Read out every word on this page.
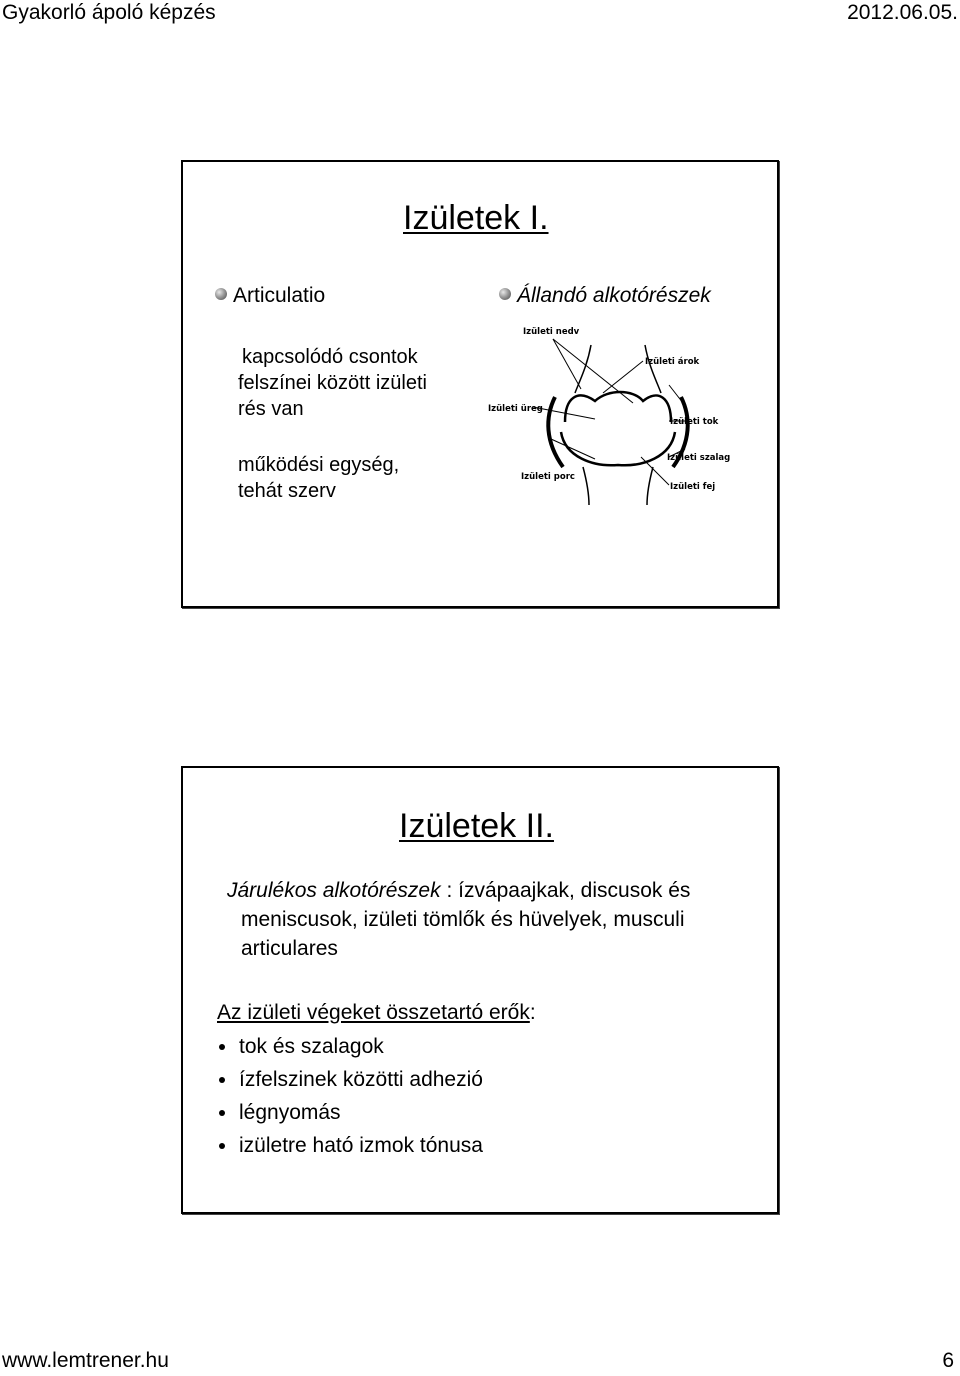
Gyakorló ápoló képzés	2012.06.05.
Izületek I.
Articulatio	Állandó alkotórészek
kapcsolódó csontok
felszínei között izületi
rés van
működési egység,
tehát szerv
Izületi nedv
Izületi árok
Izületi üreg
Izületi tok
Izületi szalag
Izületi porc
Izületi fej
Izületek II.
Járulékos alkotórészek : ízvápaajkak, discusok és
meniscusok, izületi tömlők és hüvelyek, musculi
articulares
Az izületi végeket összetartó erők:
tok és szalagok
ízfelszinek közötti adhezió
légnyomás
izületre ható izmok tónusa
www.lemtrener.hu	6
